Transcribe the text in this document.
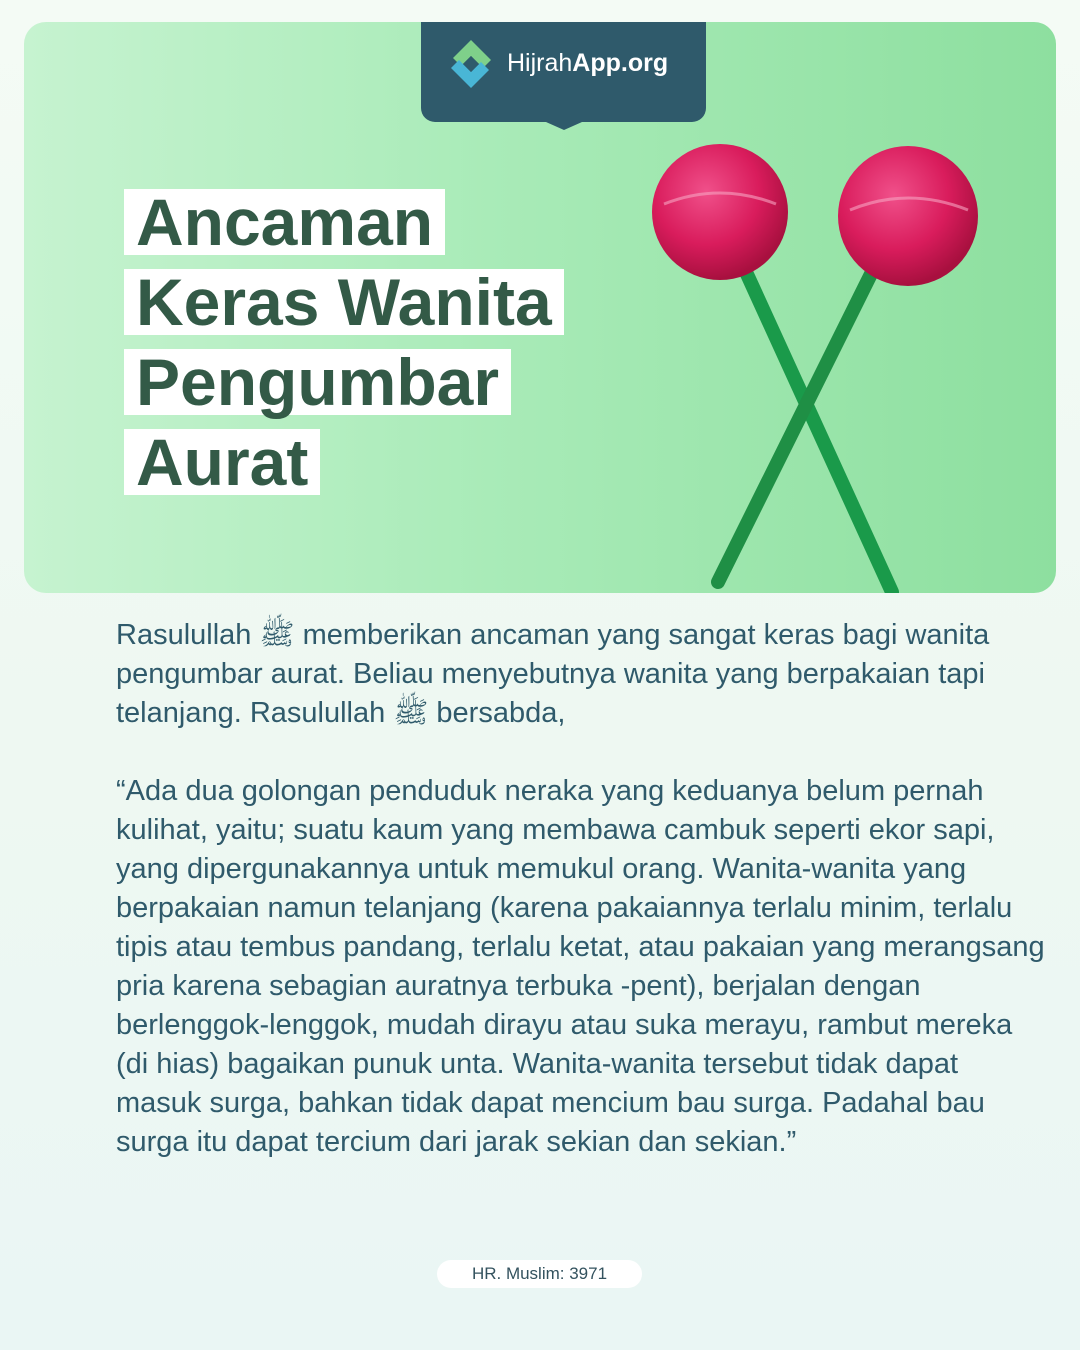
HijrahApp.org
Ancaman
Keras Wanita
Pengumbar
Aurat

Rasulullah ﷺ memberikan ancaman yang sangat keras bagi wanita pengumbar aurat. Beliau menyebutnya wanita yang berpakaian tapi telanjang. Rasulullah ﷺ bersabda,

“Ada dua golongan penduduk neraka yang keduanya belum pernah kulihat, yaitu; suatu kaum yang membawa cambuk seperti ekor sapi, yang dipergunakannya untuk memukul orang. Wanita-wanita yang berpakaian namun telanjang (karena pakaiannya terlalu minim, terlalu tipis atau tembus pandang, terlalu ketat, atau pakaian yang merangsang pria karena sebagian auratnya terbuka -pent), berjalan dengan berlenggok-lenggok, mudah dirayu atau suka merayu, rambut mereka (di hias) bagaikan punuk unta. Wanita-wanita tersebut tidak dapat masuk surga, bahkan tidak dapat mencium bau surga. Padahal bau surga itu dapat tercium dari jarak sekian dan sekian.”

HR. Muslim: 3971
